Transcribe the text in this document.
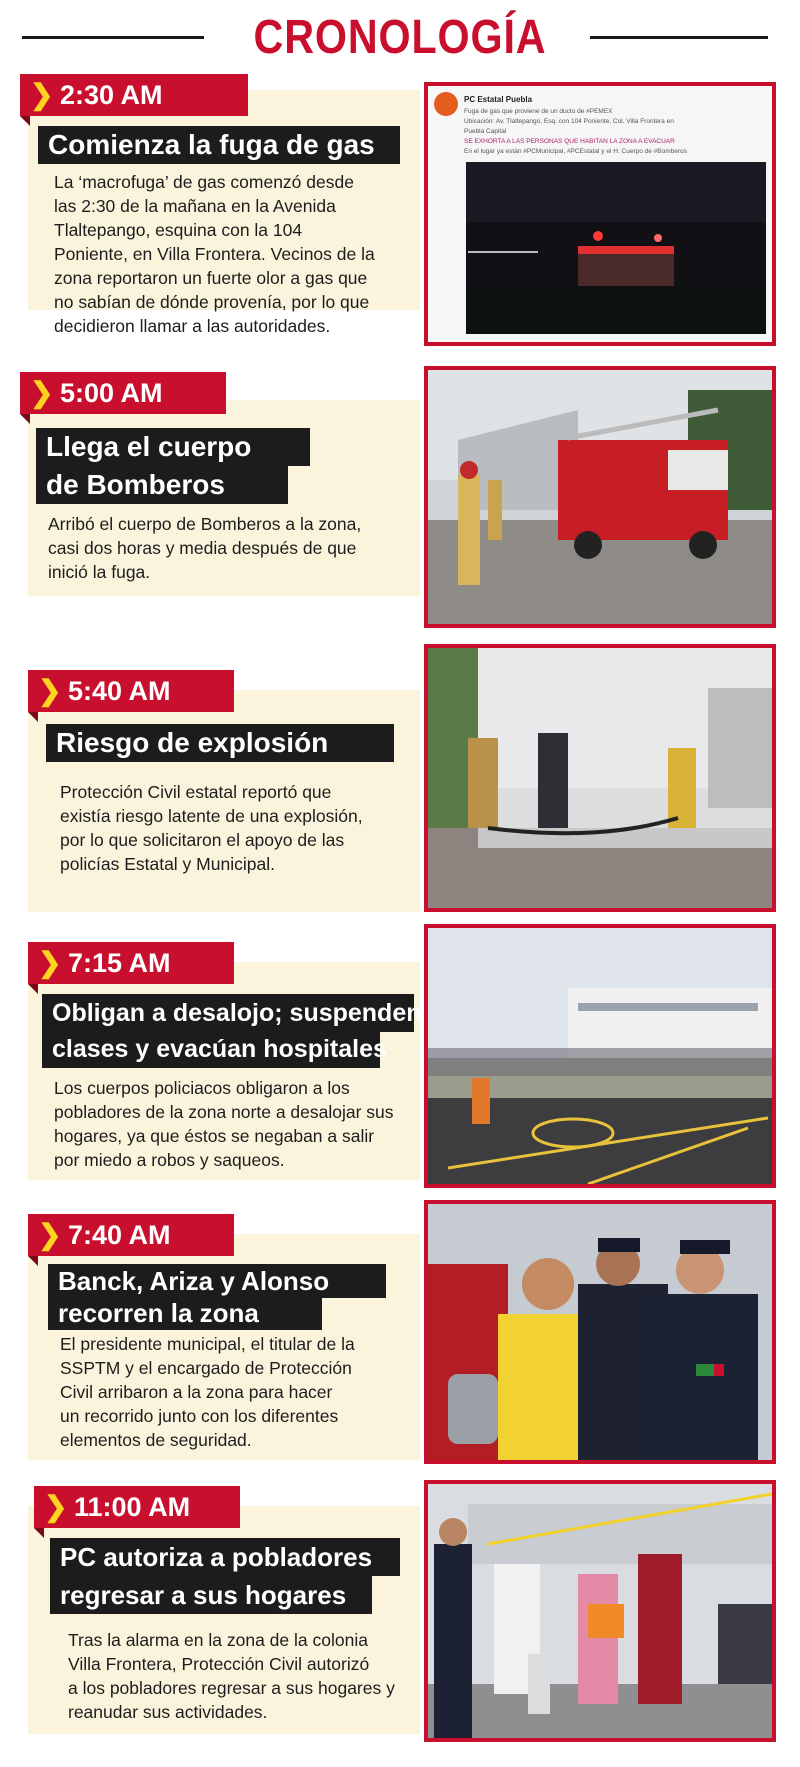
CRONOLOGÍA
❯ 2:30 AM
Comienza la fuga de gas
La ‘macrofuga’ de gas comenzó desde
las 2:30 de la mañana en la Avenida
Tlaltepango, esquina con la 104
Poniente, en Villa Frontera. Vecinos de la
zona reportaron un fuerte olor a gas que
no sabían de dónde provenía, por lo que
decidieron llamar a las autoridades.
PC Estatal Puebla
Fuga de gas que proviene de un ducto de #PEMEX
Ubicación: Av. Tlaltepango, Esq. con 104 Poniente, Col. Villa Frontera en
Puebla Capital
SE EXHORTA A LAS PERSONAS QUE HABITAN LA ZONA A EVACUAR
En el lugar ya están #PCMunicipal, #PCEstatal y el H. Cuerpo de #Bomberos
❯ 5:00 AM
Llega el cuerpo
de Bomberos
Arribó el cuerpo de Bomberos a la zona,
casi dos horas y media después de que
inició la fuga.
❯ 5:40 AM
Riesgo de explosión
Protección Civil estatal reportó que
existía riesgo latente de una explosión,
por lo que solicitaron el apoyo de las
policías Estatal y Municipal.
❯ 7:15 AM
Obligan a desalojo; suspenden
clases y evacúan hospitales
Los cuerpos policiacos obligaron a los
pobladores de la zona norte a desalojar sus
hogares, ya que éstos se negaban a salir
por miedo a robos y saqueos.
❯ 7:40 AM
Banck, Ariza y Alonso
recorren la zona
El presidente municipal, el titular de la
SSPTM y el encargado de Protección
Civil arribaron a la zona para hacer
un recorrido junto con los diferentes
elementos de seguridad.
❯ 11:00 AM
PC autoriza a pobladores
regresar a sus hogares
Tras la alarma en la zona de la colonia
Villa Frontera, Protección Civil autorizó
a los pobladores regresar a sus hogares y
reanudar sus actividades.
